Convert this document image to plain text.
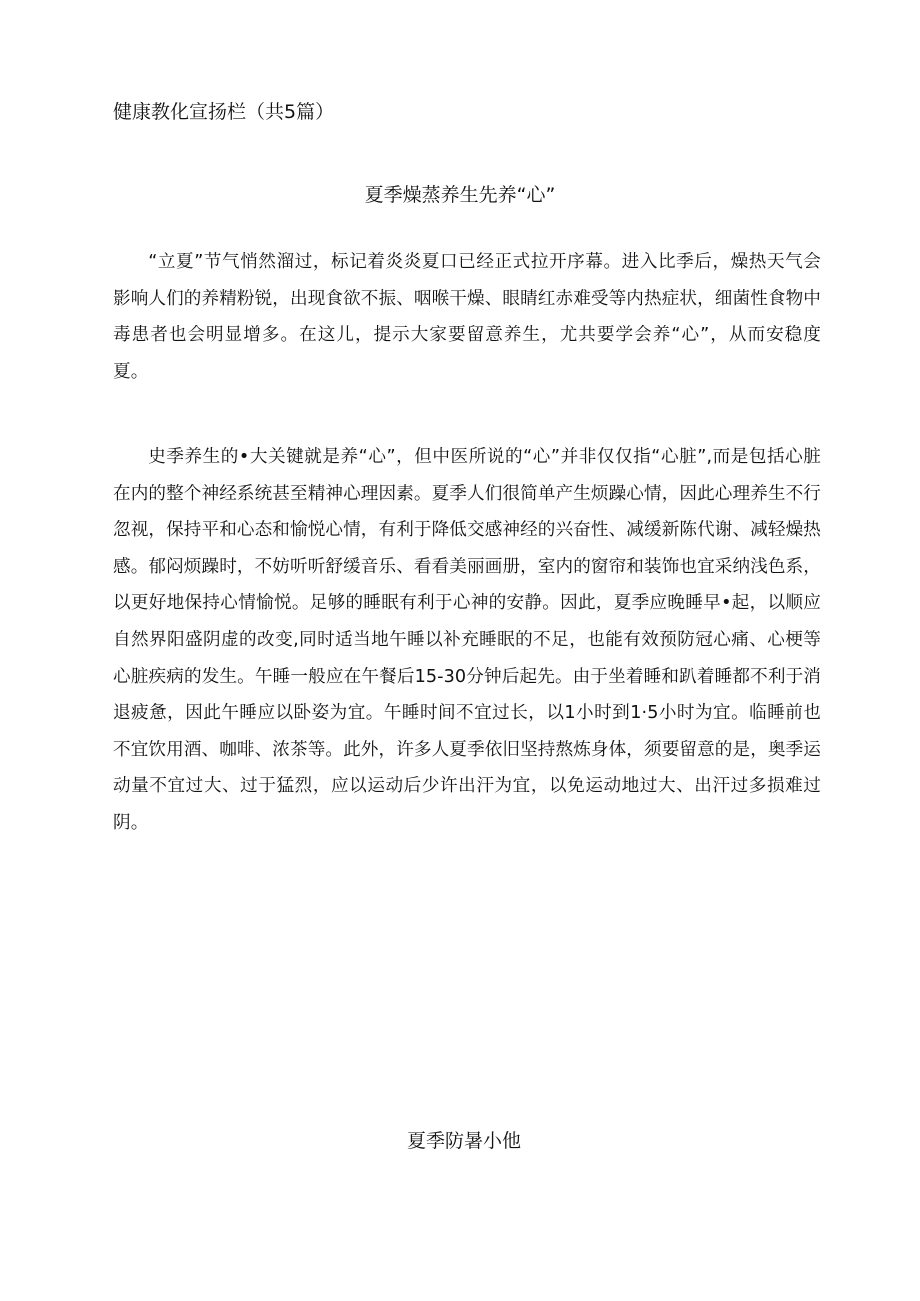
健康教化宣扬栏（共5篇）
夏季燥蒸养生先养“心”

“立夏”节气悄然溜过，标记着炎炎夏口已经正式拉开序幕。进入比季后，燥热天气会影响人们的养精粉锐，出现食欲不振、咽喉干燥、眼睛红赤难受等内热症状，细菌性食物中毒患者也会明显增多。在这儿，提示大家要留意养生，尤共要学会养“心”，从而安稳度夏。

史季养生的•大关键就是养“心”，但中医所说的“心”并非仅仅指“心脏”,而是包括心脏在内的整个神经系统甚至精神心理因素。夏季人们很简单产生烦躁心情，因此心理养生不行忽视，保持平和心态和愉悦心情，有利于降低交感神经的兴奋性、减缓新陈代谢、减轻燥热感。郁闷烦躁时，不妨听听舒缓音乐、看看美丽画册，室内的窗帘和装饰也宜采纳浅色系，以更好地保持心情愉悦。足够的睡眠有利于心神的安静。因此，夏季应晚睡早•起，以顺应自然界阳盛阴虚的改变,同时适当地午睡以补充睡眠的不足，也能有效预防冠心痛、心梗等心脏疾病的发生。午睡一般应在午餐后15-30分钟后起先。由于坐着睡和趴着睡都不利于消退疲惫，因此午睡应以卧姿为宜。午睡时间不宜过长，以1小时到1·5小时为宜。临睡前也不宜饮用酒、咖啡、浓茶等。此外，许多人夏季依旧坚持熬炼身体，须要留意的是，奥季运动量不宜过大、过于猛烈，应以运动后少许出汗为宜，以免运动地过大、出汗过多损难过阴。

夏季防暑小他
